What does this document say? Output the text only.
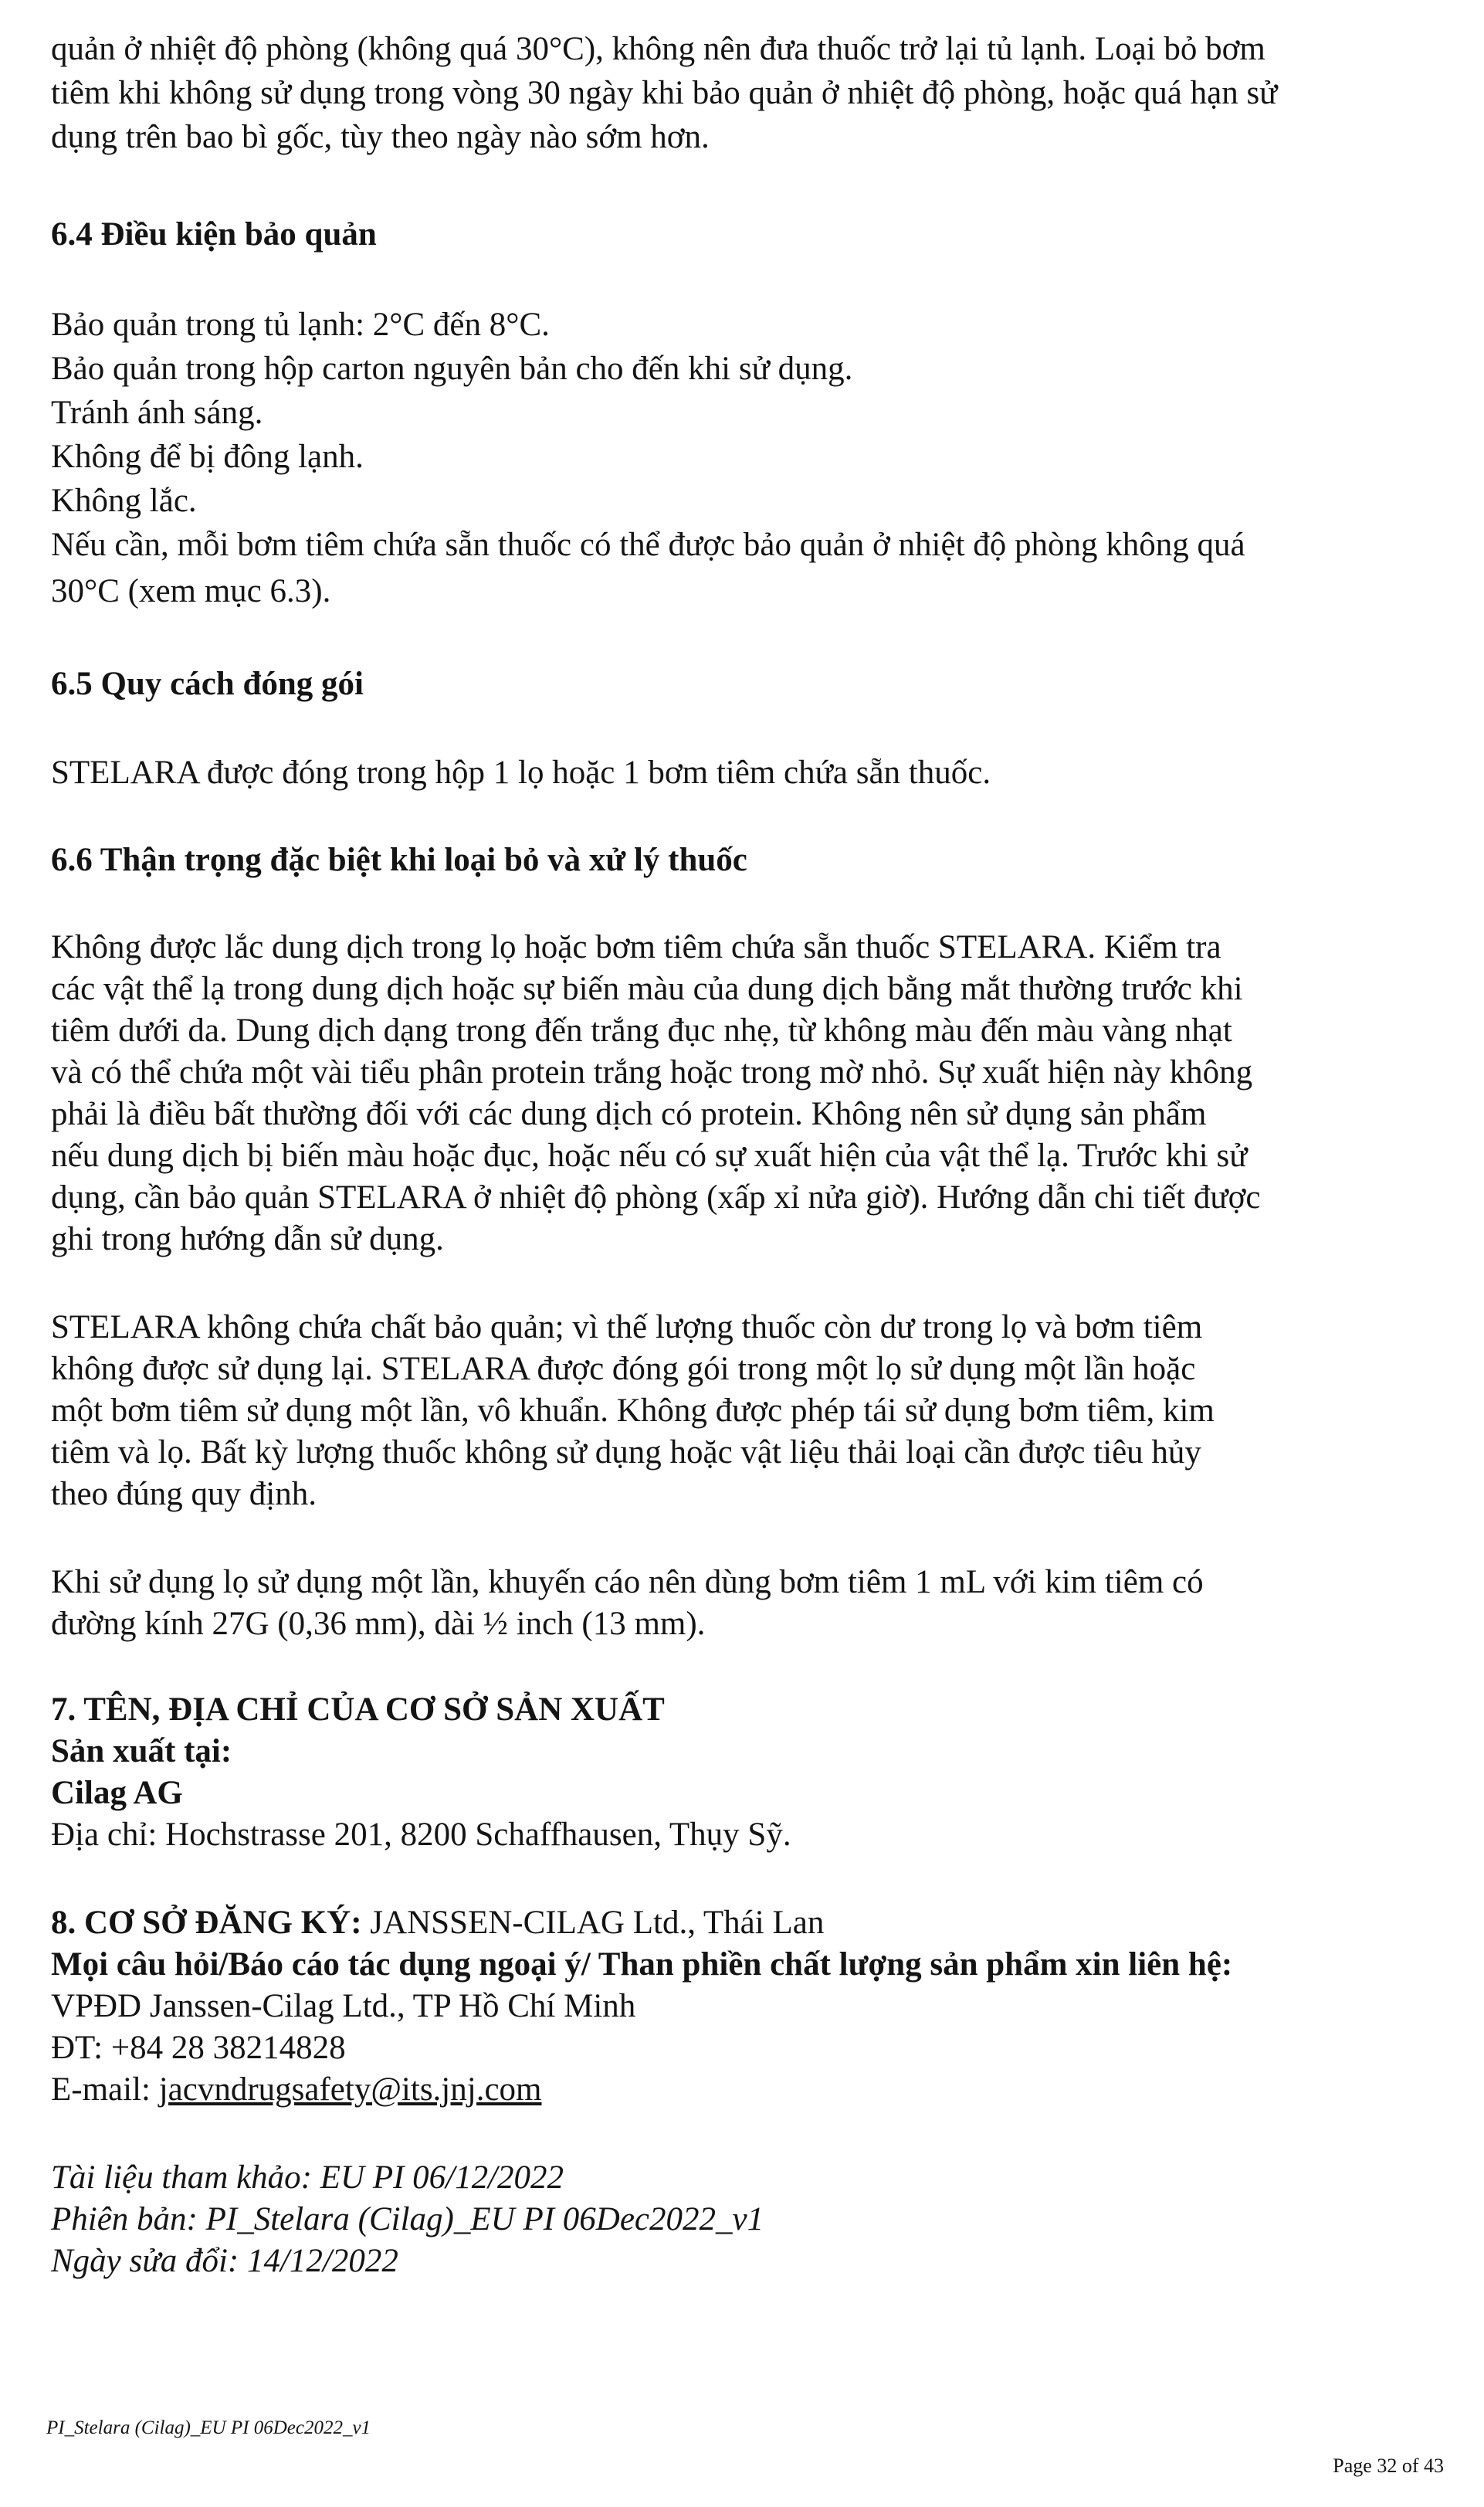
quản ở nhiệt độ phòng (không quá 30°C), không nên đưa thuốc trở lại tủ lạnh. Loại bỏ bơm
tiêm khi không sử dụng trong vòng 30 ngày khi bảo quản ở nhiệt độ phòng, hoặc quá hạn sử
dụng trên bao bì gốc, tùy theo ngày nào sớm hơn.
6.4 Điều kiện bảo quản
Bảo quản trong tủ lạnh: 2°C đến 8°C.
Bảo quản trong hộp carton nguyên bản cho đến khi sử dụng.
Tránh ánh sáng.
Không để bị đông lạnh.
Không lắc.
Nếu cần, mỗi bơm tiêm chứa sẵn thuốc có thể được bảo quản ở nhiệt độ phòng không quá
30°C (xem mục 6.3).
6.5 Quy cách đóng gói
STELARA được đóng trong hộp 1 lọ hoặc 1 bơm tiêm chứa sẵn thuốc.
6.6 Thận trọng đặc biệt khi loại bỏ và xử lý thuốc
Không được lắc dung dịch trong lọ hoặc bơm tiêm chứa sẵn thuốc STELARA. Kiểm tra
các vật thể lạ trong dung dịch hoặc sự biến màu của dung dịch bằng mắt thường trước khi
tiêm dưới da. Dung dịch dạng trong đến trắng đục nhẹ, từ không màu đến màu vàng nhạt
và có thể chứa một vài tiểu phân protein trắng hoặc trong mờ nhỏ. Sự xuất hiện này không
phải là điều bất thường đối với các dung dịch có protein. Không nên sử dụng sản phẩm
nếu dung dịch bị biến màu hoặc đục, hoặc nếu có sự xuất hiện của vật thể lạ. Trước khi sử
dụng, cần bảo quản STELARA ở nhiệt độ phòng (xấp xỉ nửa giờ). Hướng dẫn chi tiết được
ghi trong hướng dẫn sử dụng.
STELARA không chứa chất bảo quản; vì thế lượng thuốc còn dư trong lọ và bơm tiêm
không được sử dụng lại. STELARA được đóng gói trong một lọ sử dụng một lần hoặc
một bơm tiêm sử dụng một lần, vô khuẩn. Không được phép tái sử dụng bơm tiêm, kim
tiêm và lọ. Bất kỳ lượng thuốc không sử dụng hoặc vật liệu thải loại cần được tiêu hủy
theo đúng quy định.
Khi sử dụng lọ sử dụng một lần, khuyến cáo nên dùng bơm tiêm 1 mL với kim tiêm có
đường kính 27G (0,36 mm), dài ½ inch (13 mm).
7. TÊN, ĐỊA CHỈ CỦA CƠ SỞ SẢN XUẤT
Sản xuất tại:
Cilag AG
Địa chỉ: Hochstrasse 201, 8200 Schaffhausen, Thụy Sỹ.
8. CƠ SỞ ĐĂNG KÝ: JANSSEN-CILAG Ltd., Thái Lan
Mọi câu hỏi/Báo cáo tác dụng ngoại ý/ Than phiền chất lượng sản phẩm xin liên hệ:
VPĐD Janssen-Cilag Ltd., TP Hồ Chí Minh
ĐT: +84 28 38214828
E-mail: jacvndrugsafety@its.jnj.com
Tài liệu tham khảo: EU PI 06/12/2022
Phiên bản: PI_Stelara (Cilag)_EU PI 06Dec2022_v1
Ngày sửa đổi: 14/12/2022
PI_Stelara (Cilag)_EU PI 06Dec2022_v1
Page 32 of 43
